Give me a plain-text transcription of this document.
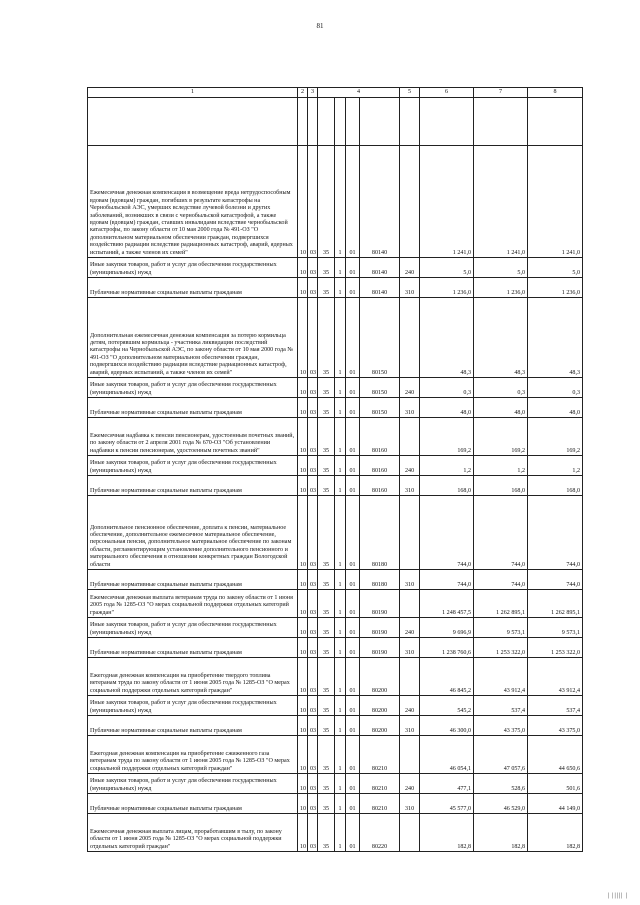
81
1	2	3	4				5	6	7	8

Ежемесячная денежная компенсация в возмещение вреда нетрудоспособным вдовам (вдовцам) граждан, погибших в результате катастрофы на Чернобыльской АЭС, умерших вследствие лучевой болезни и других заболеваний, возникших в связи с чернобыльской катастрофой, а также вдовам (вдовцам) граждан, ставших инвалидами вследствие чернобыльской катастрофы, по закону области от 10 мая 2000 года № 491-ОЗ "О дополнительном материальном обеспечении граждан, подвергшихся воздействию радиации вследствие радиационных катастроф, аварий, ядерных испытаний, а также членов их семей"	10	03	35	1	01	80140		1 241,0	1 241,0	1 241,0
Иные закупки товаров, работ и услуг для обеспечения государственных (муниципальных) нужд	10	03	35	1	01	80140	240	5,0	5,0	5,0
Публичные нормативные социальные выплаты гражданам	10	03	35	1	01	80140	310	1 236,0	1 236,0	1 236,0
Дополнительная ежемесячная денежная компенсация за потерю кормильца детям, потерявшим кормильца - участника ликвидации последствий катастрофы на Чернобыльской АЭС, по закону области от 10 мая 2000 года № 491-ОЗ "О дополнительном материальном обеспечении граждан, подвергшихся воздействию радиации вследствие радиационных катастроф, аварий, ядерных испытаний, а также членов их семей"	10	03	35	1	01	80150		48,3	48,3	48,3
Иные закупки товаров, работ и услуг для обеспечения государственных (муниципальных) нужд	10	03	35	1	01	80150	240	0,3	0,3	0,3
Публичные нормативные социальные выплаты гражданам	10	03	35	1	01	80150	310	48,0	48,0	48,0
Ежемесячная надбавка к пенсии пенсионерам, удостоенным почетных званий, по закону области от 2 апреля 2001 года № 670-ОЗ "Об установлении надбавки к пенсии пенсионерам, удостоенным почетных званий"	10	03	35	1	01	80160		169,2	169,2	169,2
Иные закупки товаров, работ и услуг для обеспечения государственных (муниципальных) нужд	10	03	35	1	01	80160	240	1,2	1,2	1,2
Публичные нормативные социальные выплаты гражданам	10	03	35	1	01	80160	310	168,0	168,0	168,0
Дополнительное пенсионное обеспечение, доплата к пенсии, материальное обеспечение, дополнительное ежемесячное материальное обеспечение, персональная пенсия, дополнительное материальное обеспечение по законам области, регламентирующим установление дополнительного пенсионного и материального обеспечения в отношении конкретных граждан Вологодской области	10	03	35	1	01	80180		744,0	744,0	744,0
Публичные нормативные социальные выплаты гражданам	10	03	35	1	01	80180	310	744,0	744,0	744,0
Ежемесячная денежная выплата ветеранам труда по закону области от 1 июня 2005 года № 1285-ОЗ "О мерах социальной поддержки отдельных категорий граждан"	10	03	35	1	01	80190		1 248 457,5	1 262 895,1	1 262 895,1
Иные закупки товаров, работ и услуг для обеспечения государственных (муниципальных) нужд	10	03	35	1	01	80190	240	9 696,9	9 573,1	9 573,1
Публичные нормативные социальные выплаты гражданам	10	03	35	1	01	80190	310	1 238 760,6	1 253 322,0	1 253 322,0
Ежегодная денежная компенсация на приобретение твердого топлива ветеранам труда по закону области от 1 июня 2005 года № 1285-ОЗ "О мерах социальной поддержки отдельных категорий граждан"	10	03	35	1	01	80200		46 845,2	43 912,4	43 912,4
Иные закупки товаров, работ и услуг для обеспечения государственных (муниципальных) нужд	10	03	35	1	01	80200	240	545,2	537,4	537,4
Публичные нормативные социальные выплаты гражданам	10	03	35	1	01	80200	310	46 300,0	43 375,0	43 375,0
Ежегодная денежная компенсация на приобретение сжиженного газа ветеранам труда по закону области от 1 июня 2005 года № 1285-ОЗ "О мерах социальной поддержки отдельных категорий граждан"	10	03	35	1	01	80210		46 054,1	47 057,6	44 650,6
Иные закупки товаров, работ и услуг для обеспечения государственных (муниципальных) нужд	10	03	35	1	01	80210	240	477,1	528,6	501,6
Публичные нормативные социальные выплаты гражданам	10	03	35	1	01	80210	310	45 577,0	46 529,0	44 149,0
Ежемесячная денежная выплата лицам, проработавшим в тылу, по закону области от 1 июня 2005 года № 1285-ОЗ "О мерах социальной поддержки отдельных категорий граждан"	10	03	35	1	01	80220		182,8	182,8	182,8
| ||||| |
